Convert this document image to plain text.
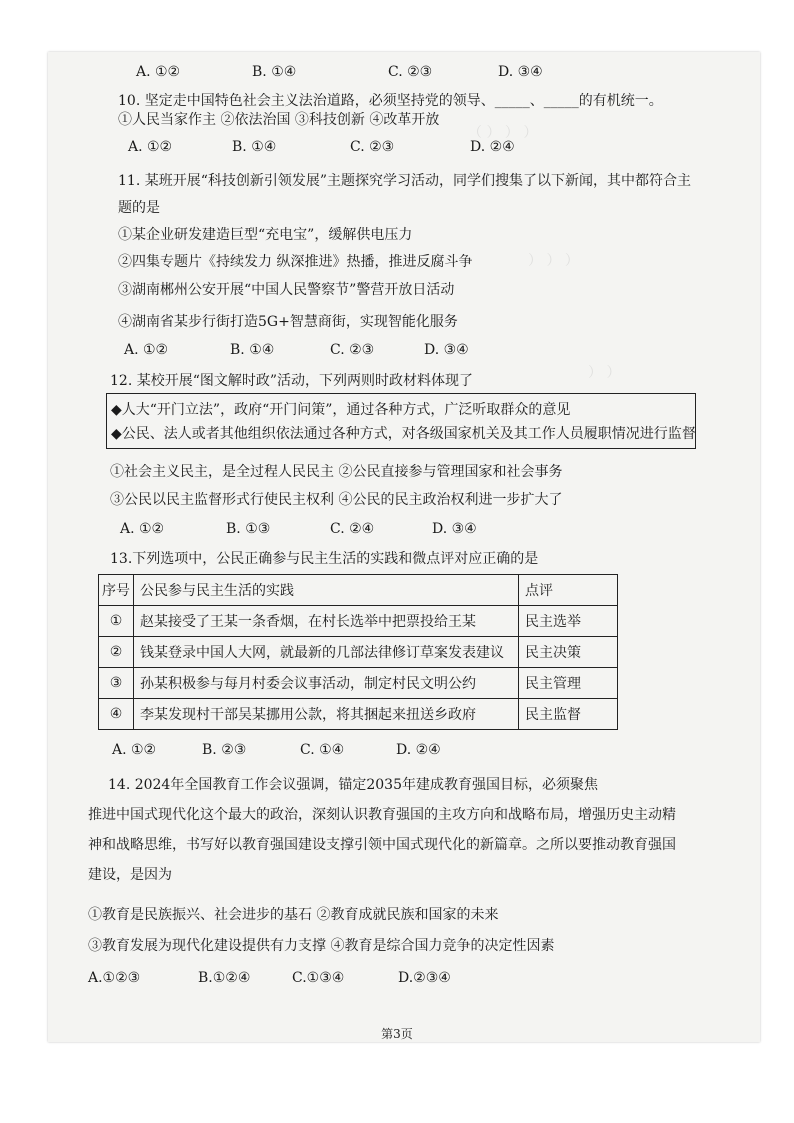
（ ） ） ）
） ） ）
） ）
A. ①②	B. ①④	C. ②③	D. ③④
10. 坚定走中国特色社会主义法治道路，必须坚持党的领导、_____、_____的有机统一。
①人民当家作主 ②依法治国 ③科技创新 ④改革开放
A. ①②	B. ①④	C. ②③	D. ②④
11. 某班开展“科技创新引领发展”主题探究学习活动，同学们搜集了以下新闻，其中都符合主
题的是
①某企业研发建造巨型“充电宝”，缓解供电压力
②四集专题片《持续发力 纵深推进》热播，推进反腐斗争
③湖南郴州公安开展“中国人民警察节”警营开放日活动
④湖南省某步行街打造5G+智慧商街，实现智能化服务
A. ①②	B. ①④	C. ②③	D. ③④
12. 某校开展“图文解时政”活动，下列两则时政材料体现了
◆人大“开门立法”，政府“开门问策”，通过各种方式，广泛听取群众的意见
◆公民、法人或者其他组织依法通过各种方式，对各级国家机关及其工作人员履职情况进行监督
①社会主义民主，是全过程人民民主 ②公民直接参与管理国家和社会事务
③公民以民主监督形式行使民主权利 ④公民的民主政治权利进一步扩大了
A. ①②	B. ①③	C. ②④	D. ③④
13.下列选项中，公民正确参与民主生活的实践和微点评对应正确的是
序号	公民参与民主生活的实践	点评
①	赵某接受了王某一条香烟，在村长选举中把票投给王某	民主选举
②	钱某登录中国人大网，就最新的几部法律修订草案发表建议	民主决策
③	孙某积极参与每月村委会议事活动，制定村民文明公约	民主管理
④	李某发现村干部吴某挪用公款，将其捆起来扭送乡政府	民主监督
A. ①②	B. ②③	C. ①④	D. ②④
14. 2024年全国教育工作会议强调，锚定2035年建成教育强国目标，必须聚焦
推进中国式现代化这个最大的政治，深刻认识教育强国的主攻方向和战略布局，增强历史主动精
神和战略思维，书写好以教育强国建设支撑引领中国式现代化的新篇章。之所以要推动教育强国
建设，是因为
①教育是民族振兴、社会进步的基石 ②教育成就民族和国家的未来
③教育发展为现代化建设提供有力支撑 ④教育是综合国力竞争的决定性因素
A.①②③	B.①②④	C.①③④	D.②③④
第3页
